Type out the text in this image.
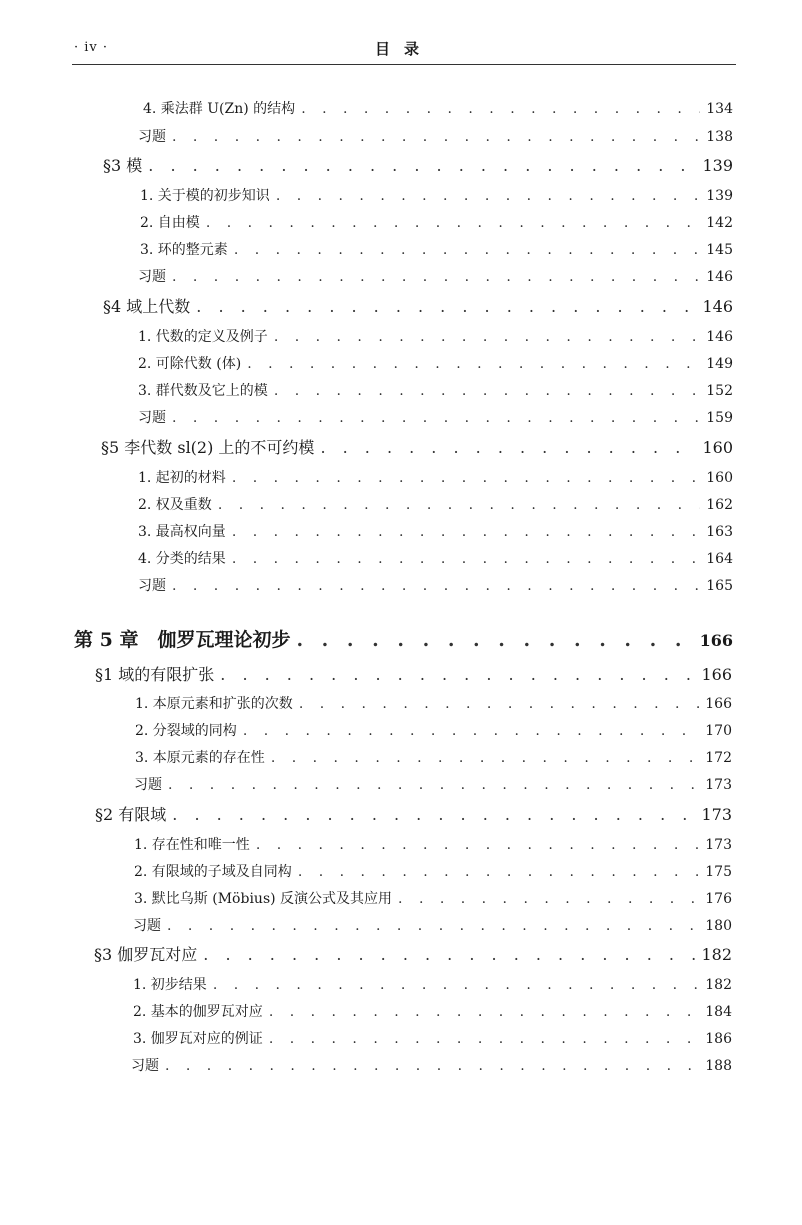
· iv ·	目录
4. 乘法群 U(Zn) 的结构 . . .	134
习题 . . .	138
§3 模 . . .	139
1. 关于模的初步知识 . . .	139
2. 自由模 . . .	142
3. 环的整元素 . . .	145
习题 . . .	146
§4 域上代数 . . .	146
1. 代数的定义及例子 . . .	146
2. 可除代数 (体) . . .	149
3. 群代数及它上的模 . . .	152
习题 . . .	159
§5 李代数 sl(2) 上的不可约模 . . .	160
1. 起初的材料 . . .	160
2. 权及重数 . . .	162
3. 最高权向量 . . .	163
4. 分类的结果 . . .	164
习题 . . .	165
第 5 章　伽罗瓦理论初步 . . .	166
§1 域的有限扩张 . . .	166
1. 本原元素和扩张的次数 . . .	166
2. 分裂域的同构 . . .	170
3. 本原元素的存在性 . . .	172
习题 . . .	173
§2 有限域 . . .	173
1. 存在性和唯一性 . . .	173
2. 有限域的子域及自同构 . . .	175
3. 默比乌斯 (Möbius) 反演公式及其应用 . . .	176
习题 . . .	180
§3 伽罗瓦对应 . . .	182
1. 初步结果 . . .	182
2. 基本的伽罗瓦对应 . . .	184
3. 伽罗瓦对应的例证 . . .	186
习题 . . .	188
